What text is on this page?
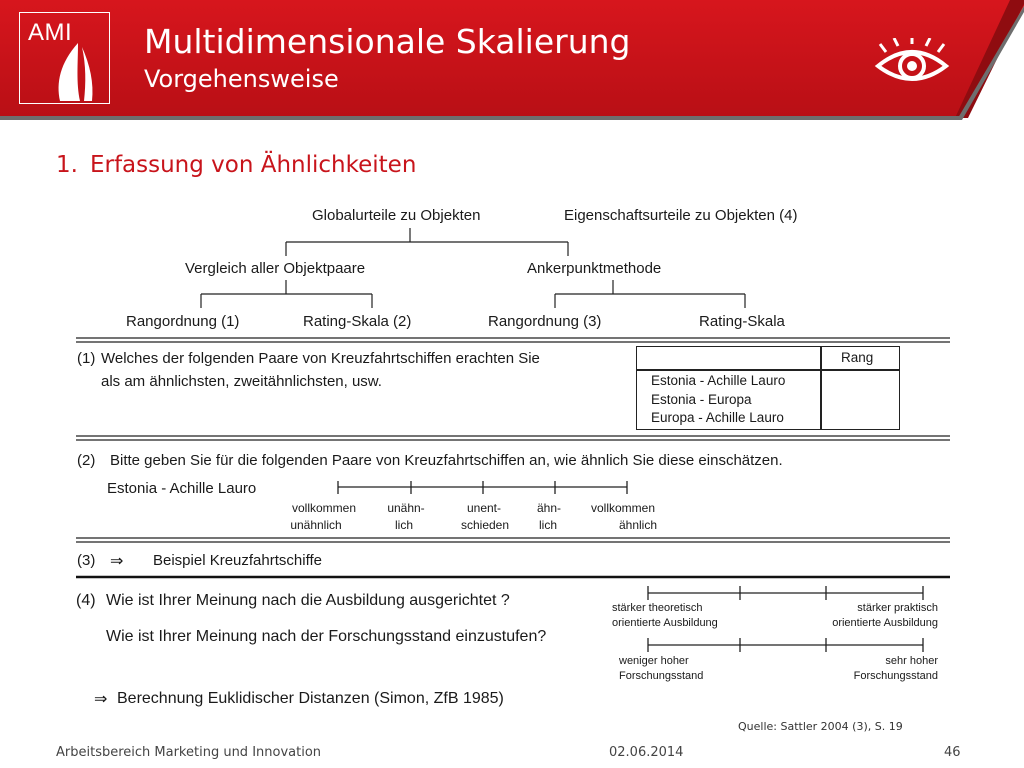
AMI Multidimensionale Skalierung
Vorgehensweise
1. Erfassung von Ähnlichkeiten
Globalurteile zu Objekten	Eigenschaftsurteile zu Objekten (4)
Vergleich aller Objektpaare	Ankerpunktmethode
Rangordnung (1)	Rating-Skala (2)	Rangordnung (3)	Rating-Skala
(1) Welches der folgenden Paare von Kreuzfahrtschiffen erachten Sie
als am ähnlichsten, zweitähnlichsten, usw.
Rang
Estonia - Achille Lauro
Estonia - Europa
Europa - Achille Lauro
(2) Bitte geben Sie für die folgenden Paare von Kreuzfahrtschiffen an, wie ähnlich Sie diese einschätzen.
Estonia - Achille Lauro
vollkommen
unähnlich
unähn-
lich
unent-
schieden
ähn-
lich
vollkommen
ähnlich
(3) ⇒ Beispiel Kreuzfahrtschiffe
(4) Wie ist Ihrer Meinung nach die Ausbildung ausgerichtet ?
Wie ist Ihrer Meinung nach der Forschungsstand einzustufen?
stärker theoretisch
orientierte Ausbildung
stärker praktisch
orientierte Ausbildung
weniger hoher
Forschungsstand
sehr hoher
Forschungsstand
⇒ Berechnung Euklidischer Distanzen (Simon, ZfB 1985)
Quelle: Sattler 2004 (3), S. 19
Arbeitsbereich Marketing und Innovation	02.06.2014	46
